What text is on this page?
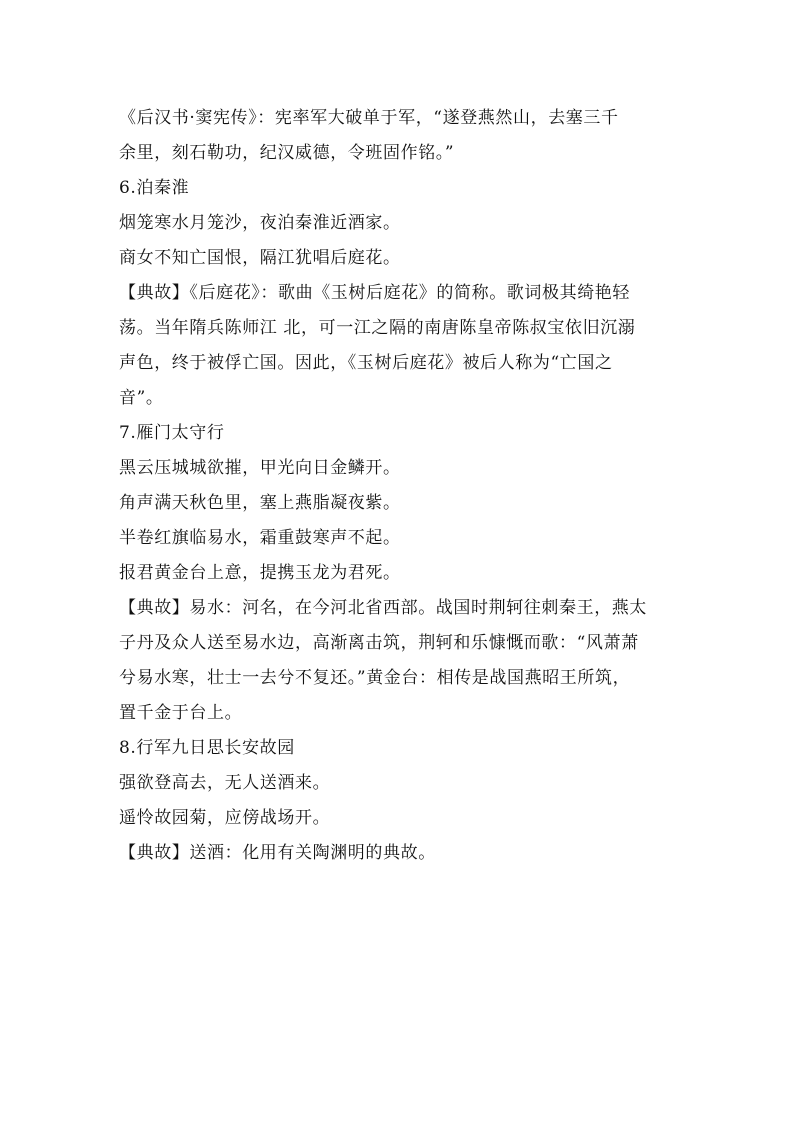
《后汉书·窦宪传》：宪率军大破单于军，“遂登燕然山，去塞三千
余里，刻石勒功，纪汉威德，令班固作铭。”
6.泊秦淮
烟笼寒水月笼沙，夜泊秦淮近酒家。
商女不知亡国恨，隔江犹唱后庭花。
【典故】《后庭花》：歌曲《玉树后庭花》的简称。歌词极其绮艳轻
荡。当年隋兵陈师江 北，可一江之隔的南唐陈皇帝陈叔宝依旧沉溺
声色，终于被俘亡国。因此，《玉树后庭花》被后人称为“亡国之
音”。
7.雁门太守行
黑云压城城欲摧，甲光向日金鳞开。
角声满天秋色里，塞上燕脂凝夜紫。
半卷红旗临易水，霜重鼓寒声不起。
报君黄金台上意，提携玉龙为君死。
【典故】易水：河名，在今河北省西部。战国时荆轲往刺秦王，燕太
子丹及众人送至易水边，高渐离击筑，荆轲和乐慷慨而歌：“风萧萧
兮易水寒，壮士一去兮不复还。”黄金台：相传是战国燕昭王所筑，
置千金于台上。
8.行军九日思长安故园
强欲登高去，无人送酒来。
遥怜故园菊，应傍战场开。
【典故】送酒：化用有关陶渊明的典故。
